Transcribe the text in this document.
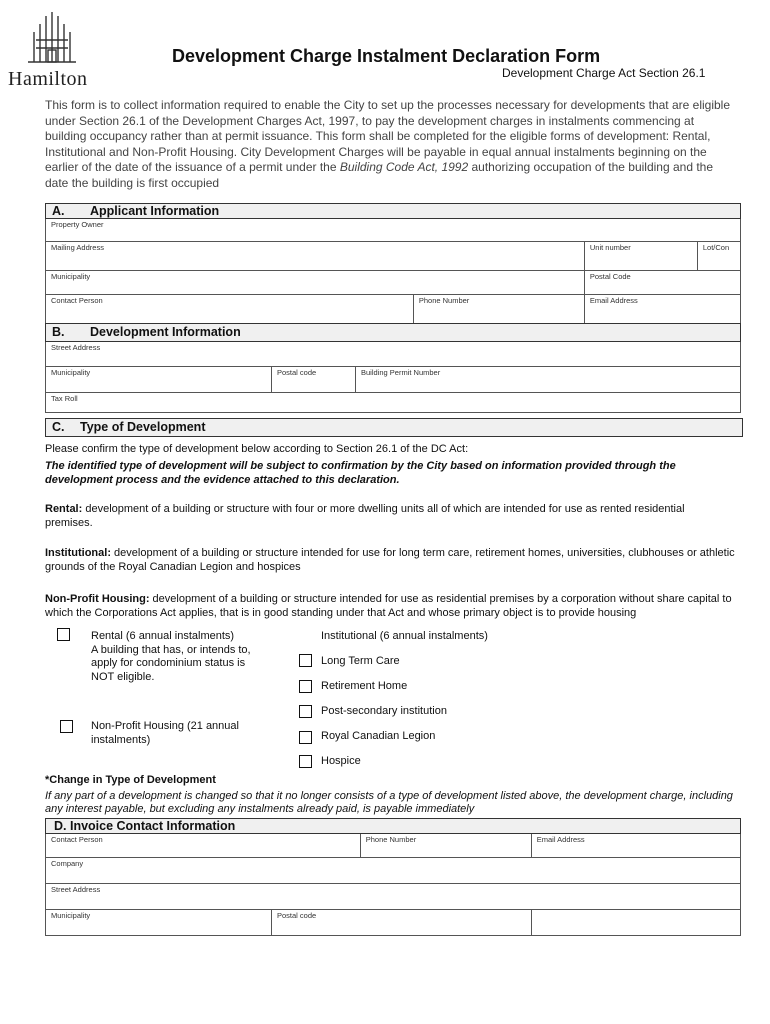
Hamilton
Development Charge Instalment Declaration Form
Development Charge Act Section 26.1
This form is to collect information required to enable the City to set up the processes necessary for developments that are eligible under Section 26.1 of the Development Charges Act, 1997, to pay the development charges in instalments commencing at building occupancy rather than at permit issuance. This form shall be completed for the eligible forms of development: Rental, Institutional and Non-Profit Housing. City Development Charges will be payable in equal annual instalments beginning on the earlier of the date of the issuance of a permit under the Building Code Act, 1992 authorizing occupation of the building and the date the building is first occupied
A. Applicant Information			
Property Owner			
Mailing Address		Unit number	Lot/Con
Municipality		Postal Code	
Contact Person	Phone Number	Email Address	
B. Development Information
Street Address
Municipality	Postal code	Building Permit Number
Tax Roll
C. Type of Development
Please confirm the type of development below according to Section 26.1 of the DC Act:
The identified type of development will be subject to confirmation by the City based on information provided through the development process and the evidence attached to this declaration.
Rental: development of a building or structure with four or more dwelling units all of which are intended for use as rented residential premises.
Institutional: development of a building or structure intended for use for long term care, retirement homes, universities, clubhouses or athletic grounds of the Royal Canadian Legion and hospices
Non-Profit Housing: development of a building or structure intended for use as residential premises by a corporation without share capital to which the Corporations Act applies, that is in good standing under that Act and whose primary object is to provide housing
Rental (6 annual instalments)
A building that has, or intends to, apply for condominium status is NOT eligible.
Non-Profit Housing (21 annual instalments)
Institutional (6 annual instalments)
Long Term Care
Retirement Home
Post-secondary institution
Royal Canadian Legion
Hospice
*Change in Type of Development
If any part of a development is changed so that it no longer consists of a type of development listed above, the development charge, including any interest payable, but excluding any instalments already paid, is payable immediately
D. Invoice Contact Information			
Contact Person		Phone Number	Email Address
Company			
Street Address			
Municipality	Postal code		
